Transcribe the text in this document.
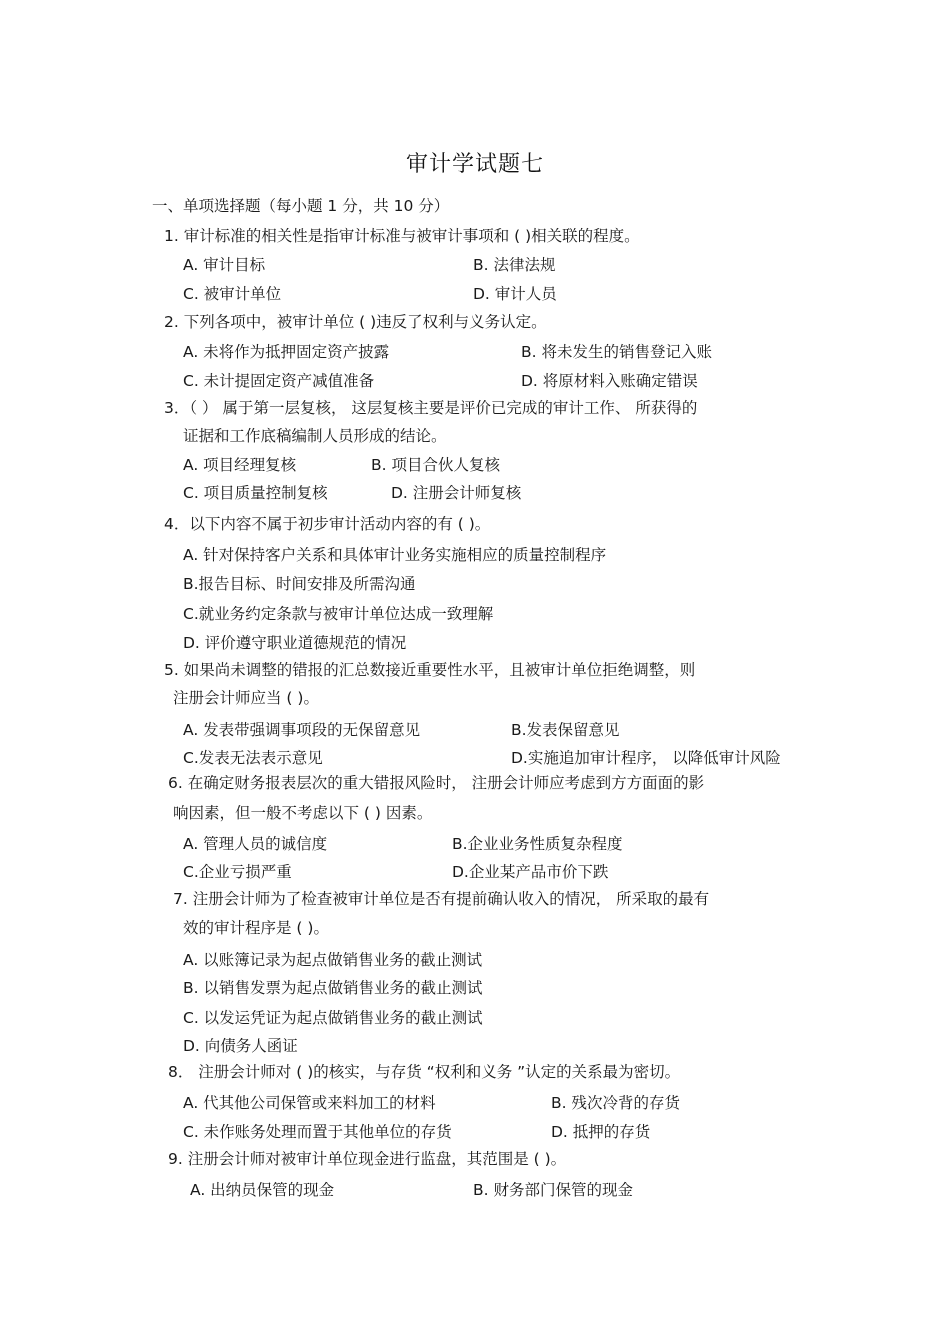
审计学试题七
一、单项选择题（每小题 1 分，共 10 分）
1. 审计标准的相关性是指审计标准与被审计事项和 ( )相关联的程度。
A. 审计目标	B. 法律法规
C. 被审计单位	D. 审计人员
2. 下列各项中，被审计单位 ( )违反了权利与义务认定。
A. 未将作为抵押固定资产披露	B. 将未发生的销售登记入账
C. 未计提固定资产减值准备	D. 将原材料入账确定错误
3．（ ） 属于第一层复核， 这层复核主要是评价已完成的审计工作、 所获得的
证据和工作底稿编制人员形成的结论。
A. 项目经理复核	B. 项目合伙人复核
C. 项目质量控制复核	D. 注册会计师复核
4．以下内容不属于初步审计活动内容的有 ( )。
A. 针对保持客户关系和具体审计业务实施相应的质量控制程序
B.报告目标、时间安排及所需沟通
C.就业务约定条款与被审计单位达成一致理解
D. 评价遵守职业道德规范的情况
5. 如果尚未调整的错报的汇总数接近重要性水平，且被审计单位拒绝调整，则
注册会计师应当 ( )。
A. 发表带强调事项段的无保留意见	B.发表保留意见
C.发表无法表示意见	D.实施追加审计程序， 以降低审计风险
6. 在确定财务报表层次的重大错报风险时， 注册会计师应考虑到方方面面的影
响因素，但一般不考虑以下 ( ) 因素。
A. 管理人员的诚信度	B.企业业务性质复杂程度
C.企业亏损严重	D.企业某产品市价下跌
7. 注册会计师为了检查被审计单位是否有提前确认收入的情况， 所采取的最有
效的审计程序是 ( )。
A. 以账簿记录为起点做销售业务的截止测试
B. 以销售发票为起点做销售业务的截止测试
C. 以发运凭证为起点做销售业务的截止测试
D. 向债务人函证
8． 注册会计师对 ( )的核实，与存货 “权利和义务 ”认定的关系最为密切。
A. 代其他公司保管或来料加工的材料	B. 残次冷背的存货
C. 未作账务处理而置于其他单位的存货	D. 抵押的存货
9. 注册会计师对被审计单位现金进行监盘，其范围是 ( )。
A. 出纳员保管的现金	B. 财务部门保管的现金
